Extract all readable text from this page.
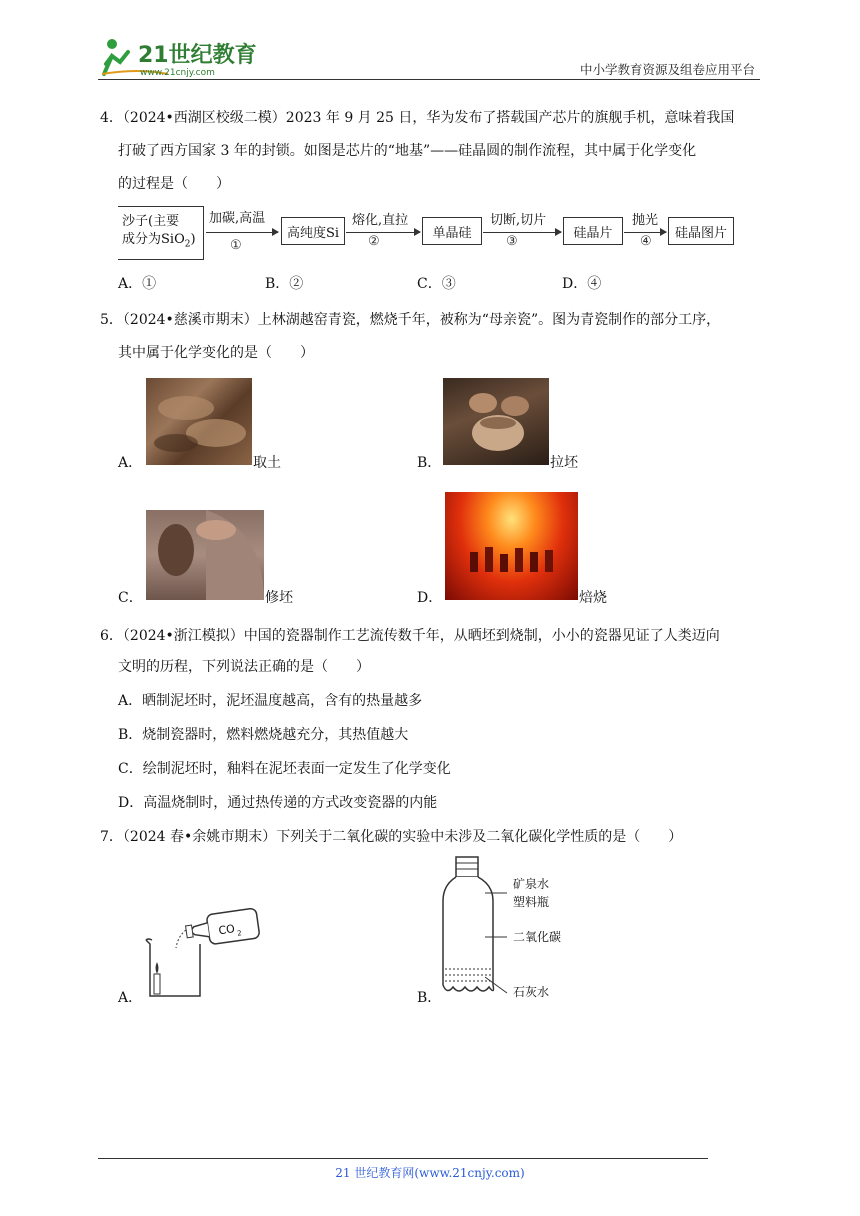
21世纪教育
www.21cnjy.com	中小学教育资源及组卷应用平台
4．（2024•西湖区校级二模）2023 年 9 月 25 日，华为发布了搭载国产芯片的旗舰手机，意味着我国
打破了西方国家 3 年的封锁。如图是芯片的“地基”——硅晶圆的制作流程，其中属于化学变化
的过程是（　　）
沙子(主要
成分为SiO$_2$)
加碳,高温
①
高纯度Si
熔化,直拉
②
单晶硅
切断,切片
③
硅晶片
抛光
④
硅晶图片
A．①	B．②	C．③	D．④
5．（2024•慈溪市期末）上林湖越窑青瓷，燃烧千年，被称为“母亲瓷”。图为青瓷制作的部分工序，
其中属于化学变化的是（　　）
A．	取土	B．	拉坯
C．	修坯	D．	焙烧
6．（2024•浙江模拟）中国的瓷器制作工艺流传数千年，从晒坯到烧制，小小的瓷器见证了人类迈向
文明的历程，下列说法正确的是（　　）
A．晒制泥坯时，泥坯温度越高，含有的热量越多
B．烧制瓷器时，燃料燃烧越充分，其热值越大
C．绘制泥坯时，釉料在泥坯表面一定发生了化学变化
D．高温烧制时，通过热传递的方式改变瓷器的内能
7．（2024 春•余姚市期末）下列关于二氧化碳的实验中未涉及二氧化碳化学性质的是（　　）
A．
CO 2
B．
矿泉水
塑料瓶
二氧化碳
石灰水
21 世纪教育网(www.21cnjy.com)
